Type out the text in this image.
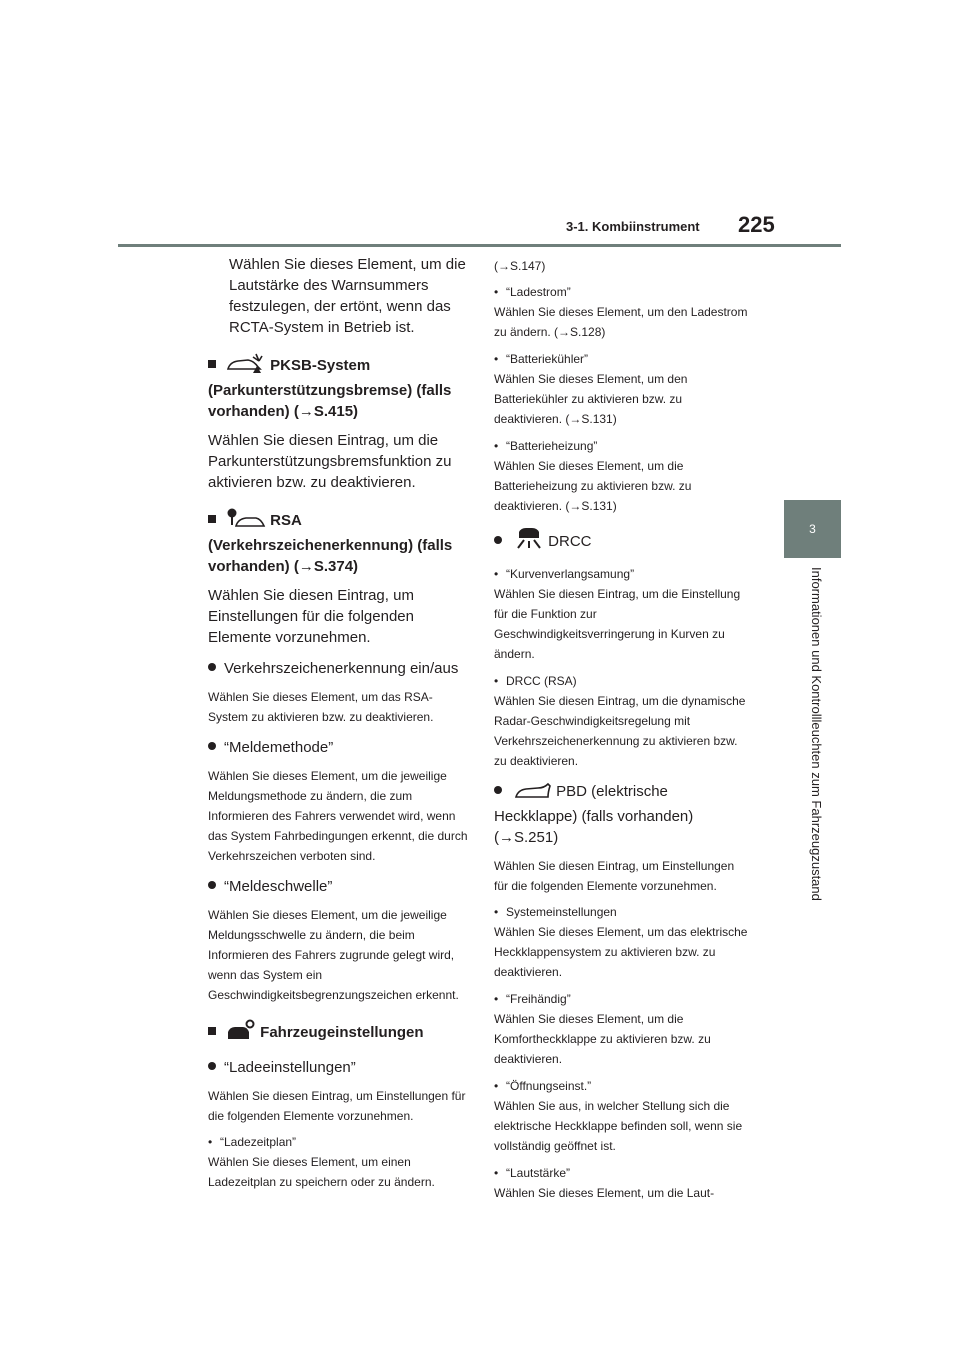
3-1. Kombiinstrument 225
3
Informationen und Kontrollleuchten zum Fahrzeugzustand

Wählen Sie dieses Element, um die Lautstärke des Warnsummers festzulegen, der ertönt, wenn das RCTA-System in Betrieb ist.

PKSB-System (Parkunterstützungsbremse) (falls vorhanden) (→S.415)

Wählen Sie diesen Eintrag, um die Parkunterstützungsbremsfunktion zu aktivieren bzw. zu deaktivieren.

RSA (Verkehrszeichenerkennung) (falls vorhanden) (→S.374)

Wählen Sie diesen Eintrag, um Einstellungen für die folgenden Elemente vorzunehmen.

Verkehrszeichenerkennung ein/aus

Wählen Sie dieses Element, um das RSA-System zu aktivieren bzw. zu deaktivieren.

“Meldemethode”

Wählen Sie dieses Element, um die jeweilige Meldungsmethode zu ändern, die zum Informieren des Fahrers verwendet wird, wenn das System Fahrbedingungen erkennt, die durch Verkehrszeichen verboten sind.

“Meldeschwelle”

Wählen Sie dieses Element, um die jeweilige Meldungsschwelle zu ändern, die beim Informieren des Fahrers zugrunde gelegt wird, wenn das System ein Geschwindigkeitsbegrenzungszeichen erkennt.

Fahrzeugeinstellungen
“Ladeeinstellungen”

Wählen Sie diesen Eintrag, um Einstellungen für die folgenden Elemente vorzunehmen.

• “Ladezeitplan”
Wählen Sie dieses Element, um einen Ladezeitplan zu speichern oder zu ändern.

(→S.147)

• “Ladestrom”
Wählen Sie dieses Element, um den Ladestrom zu ändern. (→S.128)
• “Batteriekühler”
Wählen Sie dieses Element, um den Batteriekühler zu aktivieren bzw. zu deaktivieren. (→S.131)
• “Batterieheizung”
Wählen Sie dieses Element, um die Batterieheizung zu aktivieren bzw. zu deaktivieren. (→S.131)
DRCC
• “Kurvenverlangsamung”
Wählen Sie diesen Eintrag, um die Einstellung für die Funktion zur Geschwindigkeitsverringerung in Kurven zu ändern.
• DRCC (RSA)
Wählen Sie diesen Eintrag, um die dynamische Radar-Geschwindigkeitsregelung mit Verkehrszeichenerkennung zu aktivieren bzw. zu deaktivieren.
PBD (elektrische Heckklappe) (falls vorhanden) (→S.251)

Wählen Sie diesen Eintrag, um Einstellungen für die folgenden Elemente vorzunehmen.

• Systemeinstellungen
Wählen Sie dieses Element, um das elektrische Heckklappensystem zu aktivieren bzw. zu deaktivieren.
• “Freihändig”
Wählen Sie dieses Element, um die Komfortheckklappe zu aktivieren bzw. zu deaktivieren.
• “Öffnungseinst.”
Wählen Sie aus, in welcher Stellung sich die elektrische Heckklappe befinden soll, wenn sie vollständig geöffnet ist.
• “Lautstärke”
Wählen Sie dieses Element, um die Laut-
